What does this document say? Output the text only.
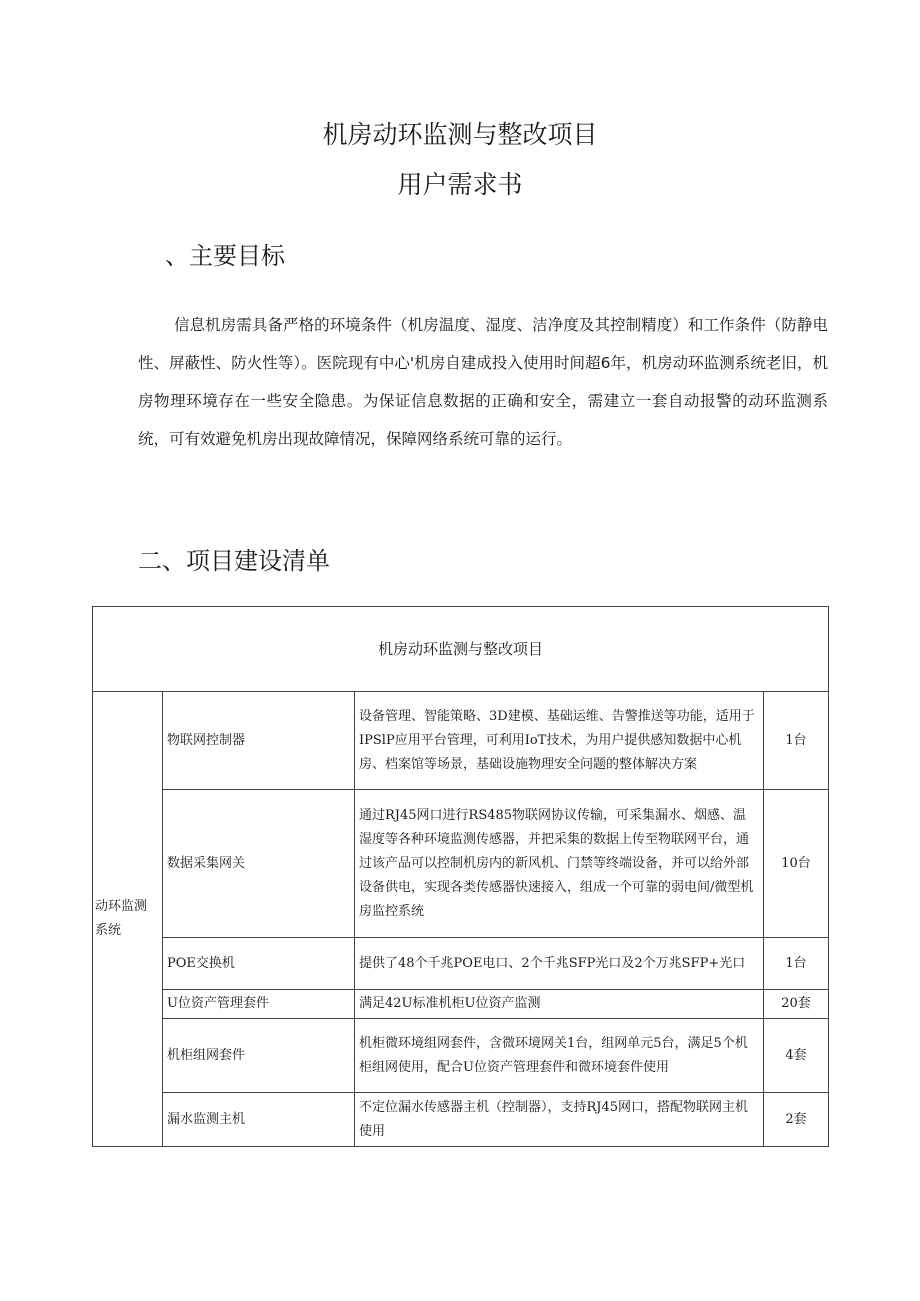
机房动环监测与整改项目
用户需求书
、主要目标
信息机房需具备严格的环境条件（机房温度、湿度、洁净度及其控制精度）和工作条件（防静电性、屏蔽性、防火性等）。医院现有中心'机房自建成投入使用时间超6年，机房动环监测系统老旧，机房物理环境存在一些安全隐患。为保证信息数据的正确和安全，需建立一套自动报警的动环监测系统，可有效避免机房出现故障情况，保障网络系统可靠的运行。
二、项目建设清单
机房动环监测与整改项目			
动环监测系统	物联网控制器	设备管理、智能策略、3D建模、基础运维、告警推送等功能，适用于IPSlP应用平台管理，可利用IoT技术，为用户提供感知数据中心机房、档案馆等场景，基础设施物理安全问题的整体解决方案	1台
	数据采集网关	通过RJ45网口进行RS485物联网协议传输，可采集漏水、烟感、温湿度等各种环境监测传感器，并把采集的数据上传至物联网平台，通过该产品可以控制机房内的新风机、门禁等终端设备，并可以给外部设备供电，实现各类传感器快速接入，组成一个可靠的弱电间/微型机房监控系统	10台
	POE交换机	提供了48个千兆POE电口、2个千兆SFP光口及2个万兆SFP+光口	1台
	U位资产管理套件	满足42U标准机柜U位资产监测	20套
	机柜组网套件	机柜微环境组网套件，含微环境网关1台，组网单元5台，满足5个机柜组网使用，配合U位资产管理套件和微环境套件使用	4套
	漏水监测主机	不定位漏水传感器主机（控制器），支持RJ45网口，搭配物联网主机使用	2套
